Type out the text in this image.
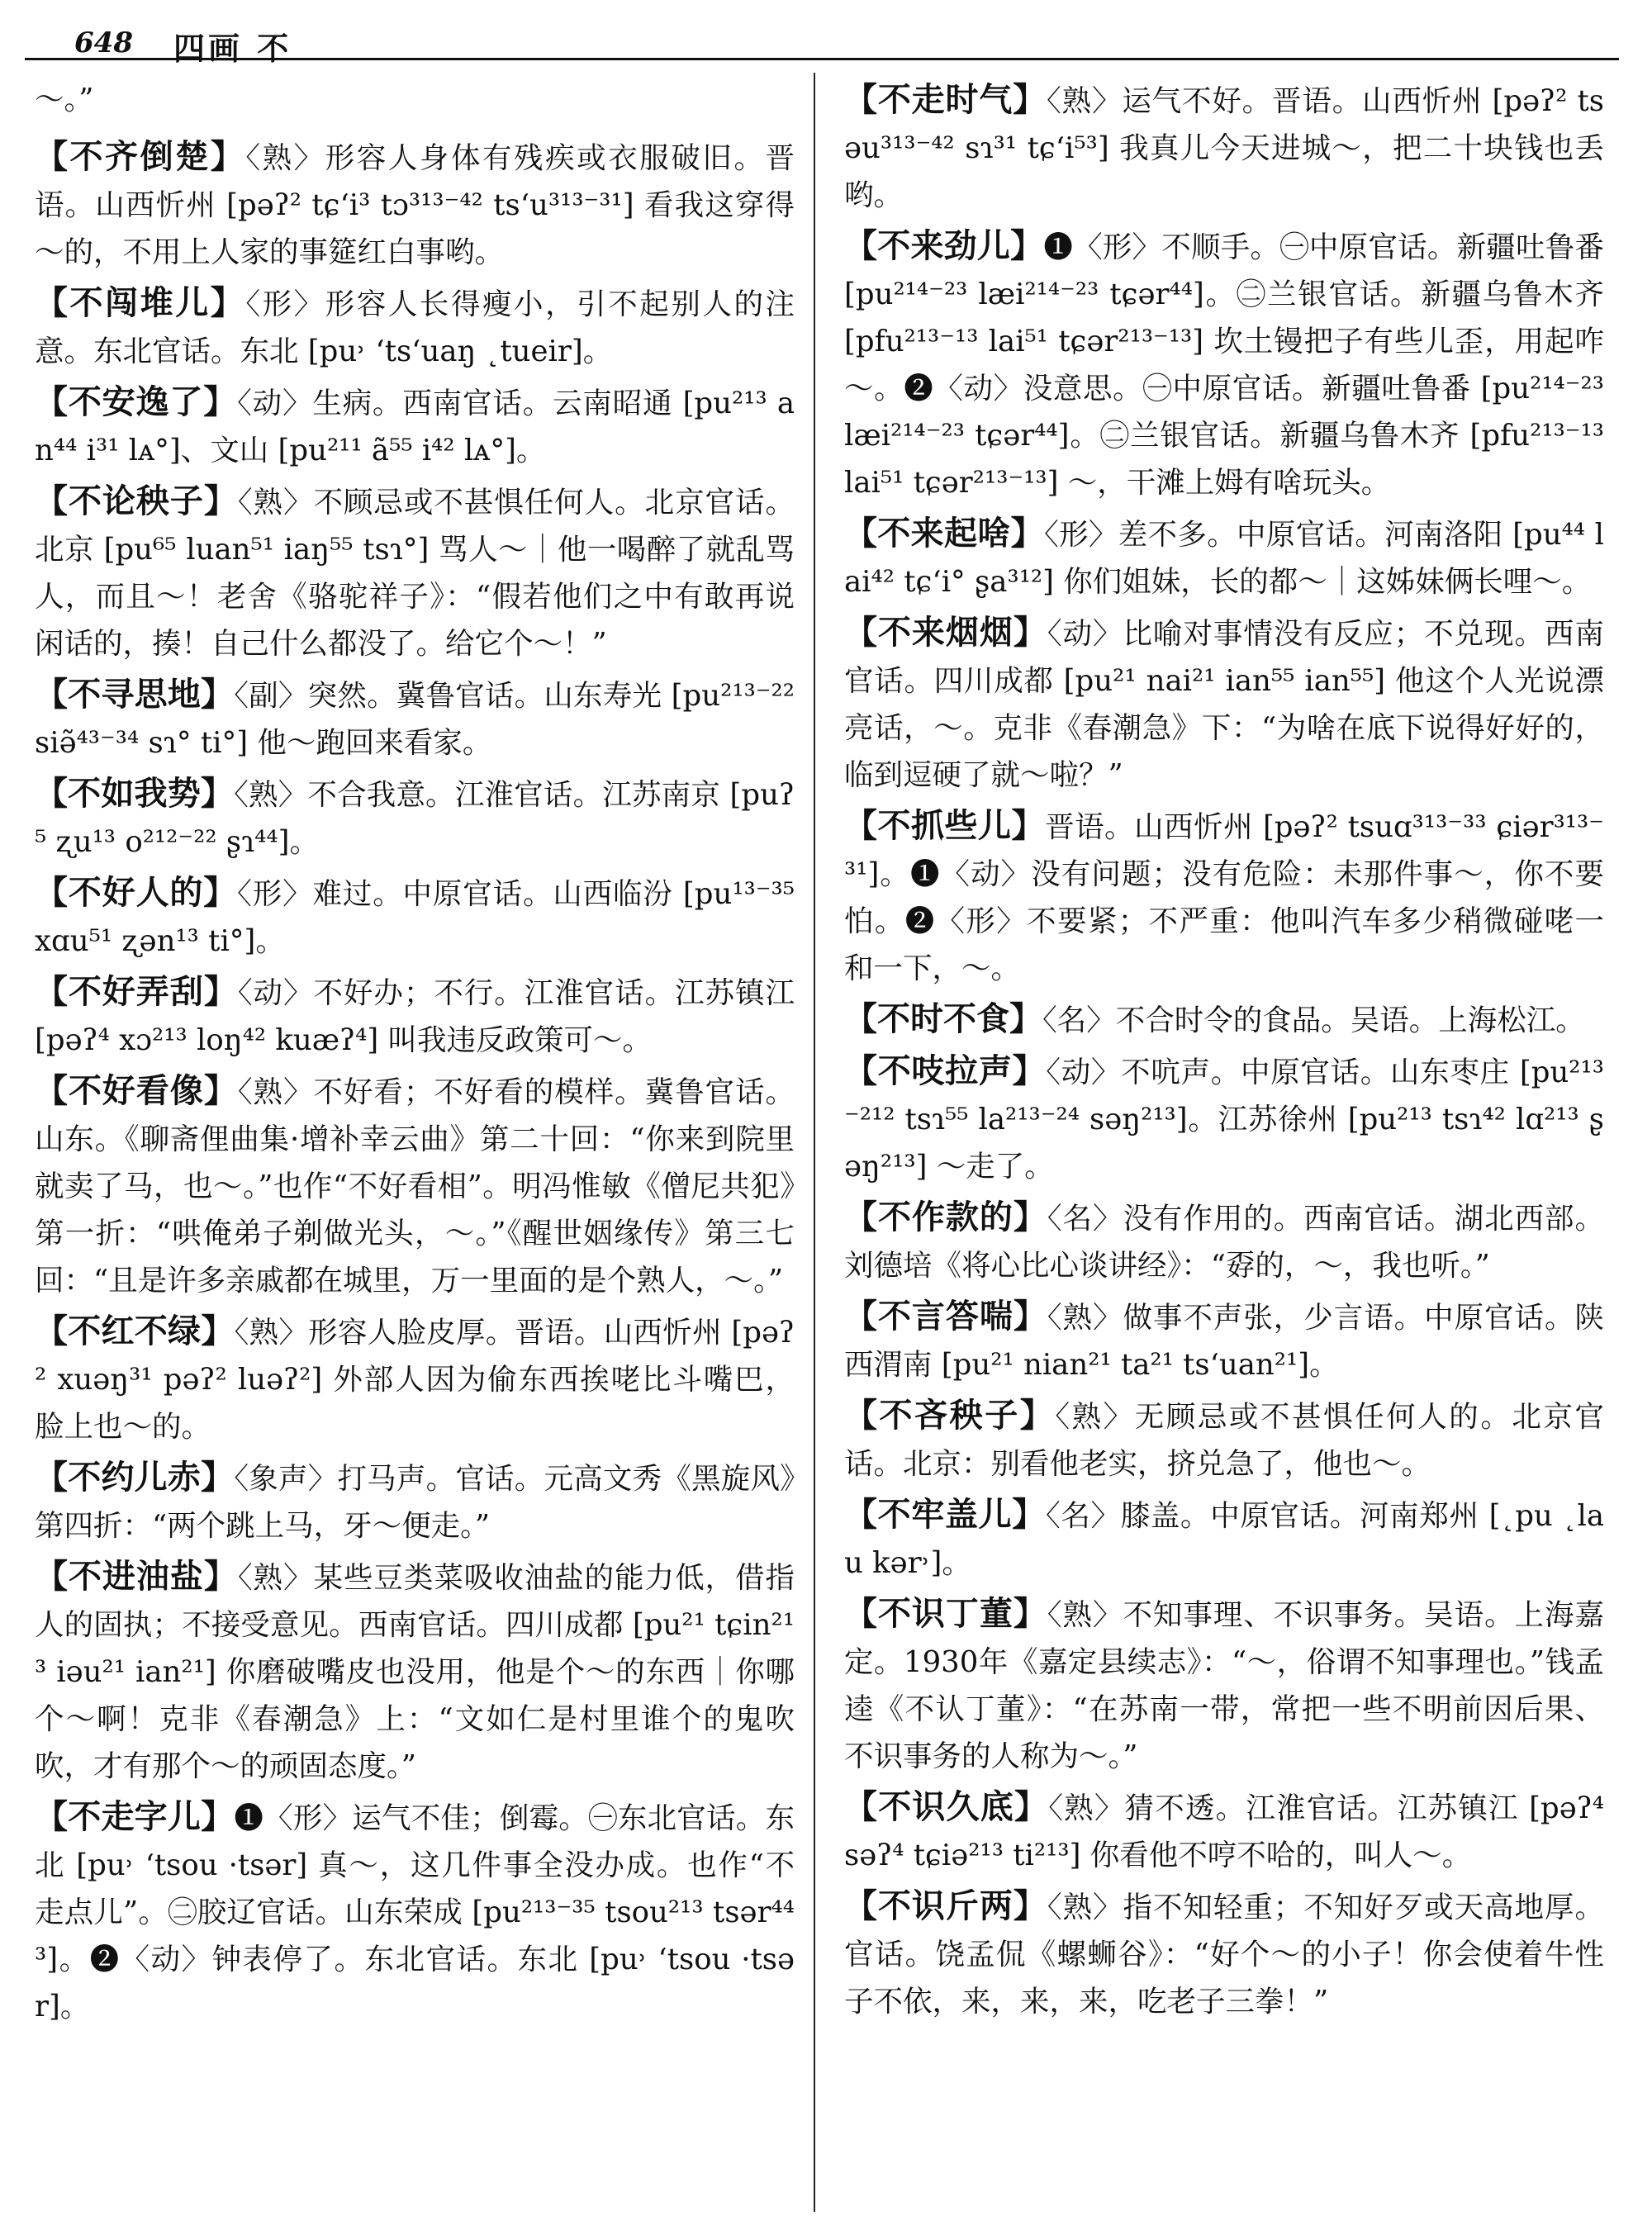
648 四画 不

～。”

【不齐倒楚】〈熟〉形容人身体有残疾或衣服破旧。晋语。山西忻州 [pəʔ² tɕʻi³ tɔ³¹³⁻⁴² tsʻu³¹³⁻³¹] 看我这穿得～的，不用上人家的事筵红白事哟。

【不闯堆儿】〈形〉形容人长得瘦小，引不起别人的注意。东北官话。东北 [pu˒ ʻtsʻuaŋ ˛tueir]。

【不安逸了】〈动〉生病。西南官话。云南昭通 [pu²¹³ an⁴⁴ i³¹ lᴀ°]、文山 [pu²¹¹ ã⁵⁵ i⁴² lᴀ°]。

【不论秧子】〈熟〉不顾忌或不甚惧任何人。北京官话。北京 [pu⁶⁵ luan⁵¹ iaŋ⁵⁵ tsɿ°] 骂人～｜他一喝醉了就乱骂人，而且～！老舍《骆驼祥子》：“假若他们之中有敢再说闲话的，揍！自己什么都没了。给它个～！”

【不寻思地】〈副〉突然。冀鲁官话。山东寿光 [pu²¹³⁻²² siə̃⁴³⁻³⁴ sɿ° ti°] 他～跑回来看家。

【不如我势】〈熟〉不合我意。江淮官话。江苏南京 [puʔ⁵ ʐu¹³ o²¹²⁻²² ʂɿ⁴⁴]。

【不好人的】〈形〉难过。中原官话。山西临汾 [pu¹³⁻³⁵ xɑu⁵¹ ʐən¹³ ti°]。

【不好弄刮】〈动〉不好办；不行。江淮官话。江苏镇江 [pəʔ⁴ xɔ²¹³ loŋ⁴² kuæʔ⁴] 叫我违反政策可～。

【不好看像】〈熟〉不好看；不好看的模样。冀鲁官话。山东。《聊斋俚曲集·增补幸云曲》第二十回：“你来到院里就卖了马，也～。”也作“不好看相”。明冯惟敏《僧尼共犯》第一折：“哄俺弟子剃做光头，～。”《醒世姻缘传》第三七回：“且是许多亲戚都在城里，万一里面的是个熟人，～。”

【不红不绿】〈熟〉形容人脸皮厚。晋语。山西忻州 [pəʔ² xuəŋ³¹ pəʔ² luəʔ²] 外部人因为偷东西挨咾比斗嘴巴，脸上也～的。

【不约儿赤】〈象声〉打马声。官话。元高文秀《黑旋风》第四折：“两个跳上马，牙～便走。”

【不进油盐】〈熟〉某些豆类菜吸收油盐的能力低，借指人的固执；不接受意见。西南官话。四川成都 [pu²¹ tɕin²¹³ iəu²¹ ian²¹] 你磨破嘴皮也没用，他是个～的东西｜你哪个～啊！克非《春潮急》上：“文如仁是村里谁个的鬼吹吹，才有那个～的顽固态度。”

【不走字儿】❶〈形〉运气不佳；倒霉。㊀东北官话。东北 [pu˒ ʻtsou ·tsər] 真～，这几件事全没办成。也作“不走点儿”。㊁胶辽官话。山东荣成 [pu²¹³⁻³⁵ tsou²¹³ tsər⁴⁴³]。❷〈动〉钟表停了。东北官话。东北 [pu˒ ʻtsou ·tsər]。

【不走时气】〈熟〉运气不好。晋语。山西忻州 [pəʔ² tsəu³¹³⁻⁴² sɿ³¹ tɕʻi⁵³] 我真儿今天进城～，把二十块钱也丢哟。

【不来劲儿】❶〈形〉不顺手。㊀中原官话。新疆吐鲁番 [pu²¹⁴⁻²³ læi²¹⁴⁻²³ tɕər⁴⁴]。㊁兰银官话。新疆乌鲁木齐 [pfu²¹³⁻¹³ lai⁵¹ tɕər²¹³⁻¹³] 坎土镘把子有些儿歪，用起咋～。❷〈动〉没意思。㊀中原官话。新疆吐鲁番 [pu²¹⁴⁻²³ læi²¹⁴⁻²³ tɕər⁴⁴]。㊁兰银官话。新疆乌鲁木齐 [pfu²¹³⁻¹³ lai⁵¹ tɕər²¹³⁻¹³] ～，干滩上姆有啥玩头。

【不来起啥】〈形〉差不多。中原官话。河南洛阳 [pu⁴⁴ lai⁴² tɕʻi° ʂa³¹²] 你们姐妹，长的都～｜这姊妹俩长哩～。

【不来烟烟】〈动〉比喻对事情没有反应；不兑现。西南官话。四川成都 [pu²¹ nai²¹ ian⁵⁵ ian⁵⁵] 他这个人光说漂亮话，～。克非《春潮急》下：“为啥在底下说得好好的，临到逗硬了就～啦？”

【不抓些儿】晋语。山西忻州 [pəʔ² tsuɑ³¹³⁻³³ ɕiər³¹³⁻³¹]。❶〈动〉没有问题；没有危险：未那件事～，你不要怕。❷〈形〉不要紧；不严重：他叫汽车多少稍微碰咾一和一下，～。

【不时不食】〈名〉不合时令的食品。吴语。上海松江。

【不吱拉声】〈动〉不吭声。中原官话。山东枣庄 [pu²¹³⁻²¹² tsɿ⁵⁵ la²¹³⁻²⁴ səŋ²¹³]。江苏徐州 [pu²¹³ tsɿ⁴² lɑ²¹³ ʂəŋ²¹³] ～走了。

【不作款的】〈名〉没有作用的。西南官话。湖北西部。刘德培《将心比心谈讲经》：“孬的，～，我也听。”

【不言答喘】〈熟〉做事不声张，少言语。中原官话。陕西渭南 [pu²¹ nian²¹ ta²¹ tsʻuan²¹]。

【不吝秧子】〈熟〉无顾忌或不甚惧任何人的。北京官话。北京：别看他老实，挤兑急了，他也～。

【不牢盖儿】〈名〉膝盖。中原官话。河南郑州 [˛pu ˛lau kər˒]。

【不识丁董】〈熟〉不知事理、不识事务。吴语。上海嘉定。1930年《嘉定县续志》：“～，俗谓不知事理也。”钱孟逵《不认丁董》：“在苏南一带，常把一些不明前因后果、不识事务的人称为～。”

【不识久底】〈熟〉猜不透。江淮官话。江苏镇江 [pəʔ⁴ səʔ⁴ tɕiə²¹³ ti²¹³] 你看他不哼不哈的，叫人～。

【不识斤两】〈熟〉指不知轻重；不知好歹或天高地厚。官话。饶孟侃《螺蛳谷》：“好个～的小子！你会使着牛性子不依，来，来，来，吃老子三拳！”
